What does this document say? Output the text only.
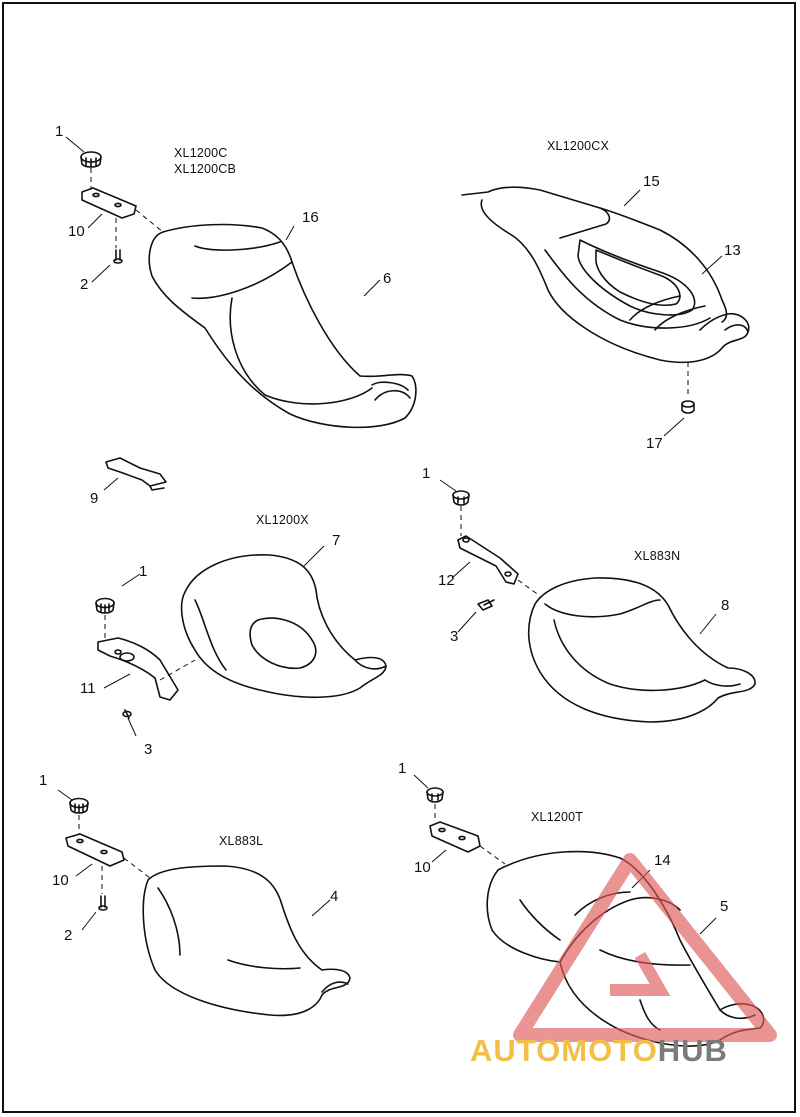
XL1200C
XL1200CB
XL1200CX
XL1200X
XL883N
XL883L
XL1200T
1
10
2
16
6
15
13
17
9
7
1
11
3
1
12
3
8
1
10
2
4
1
10	14
5
AUTOMOTOHUB
